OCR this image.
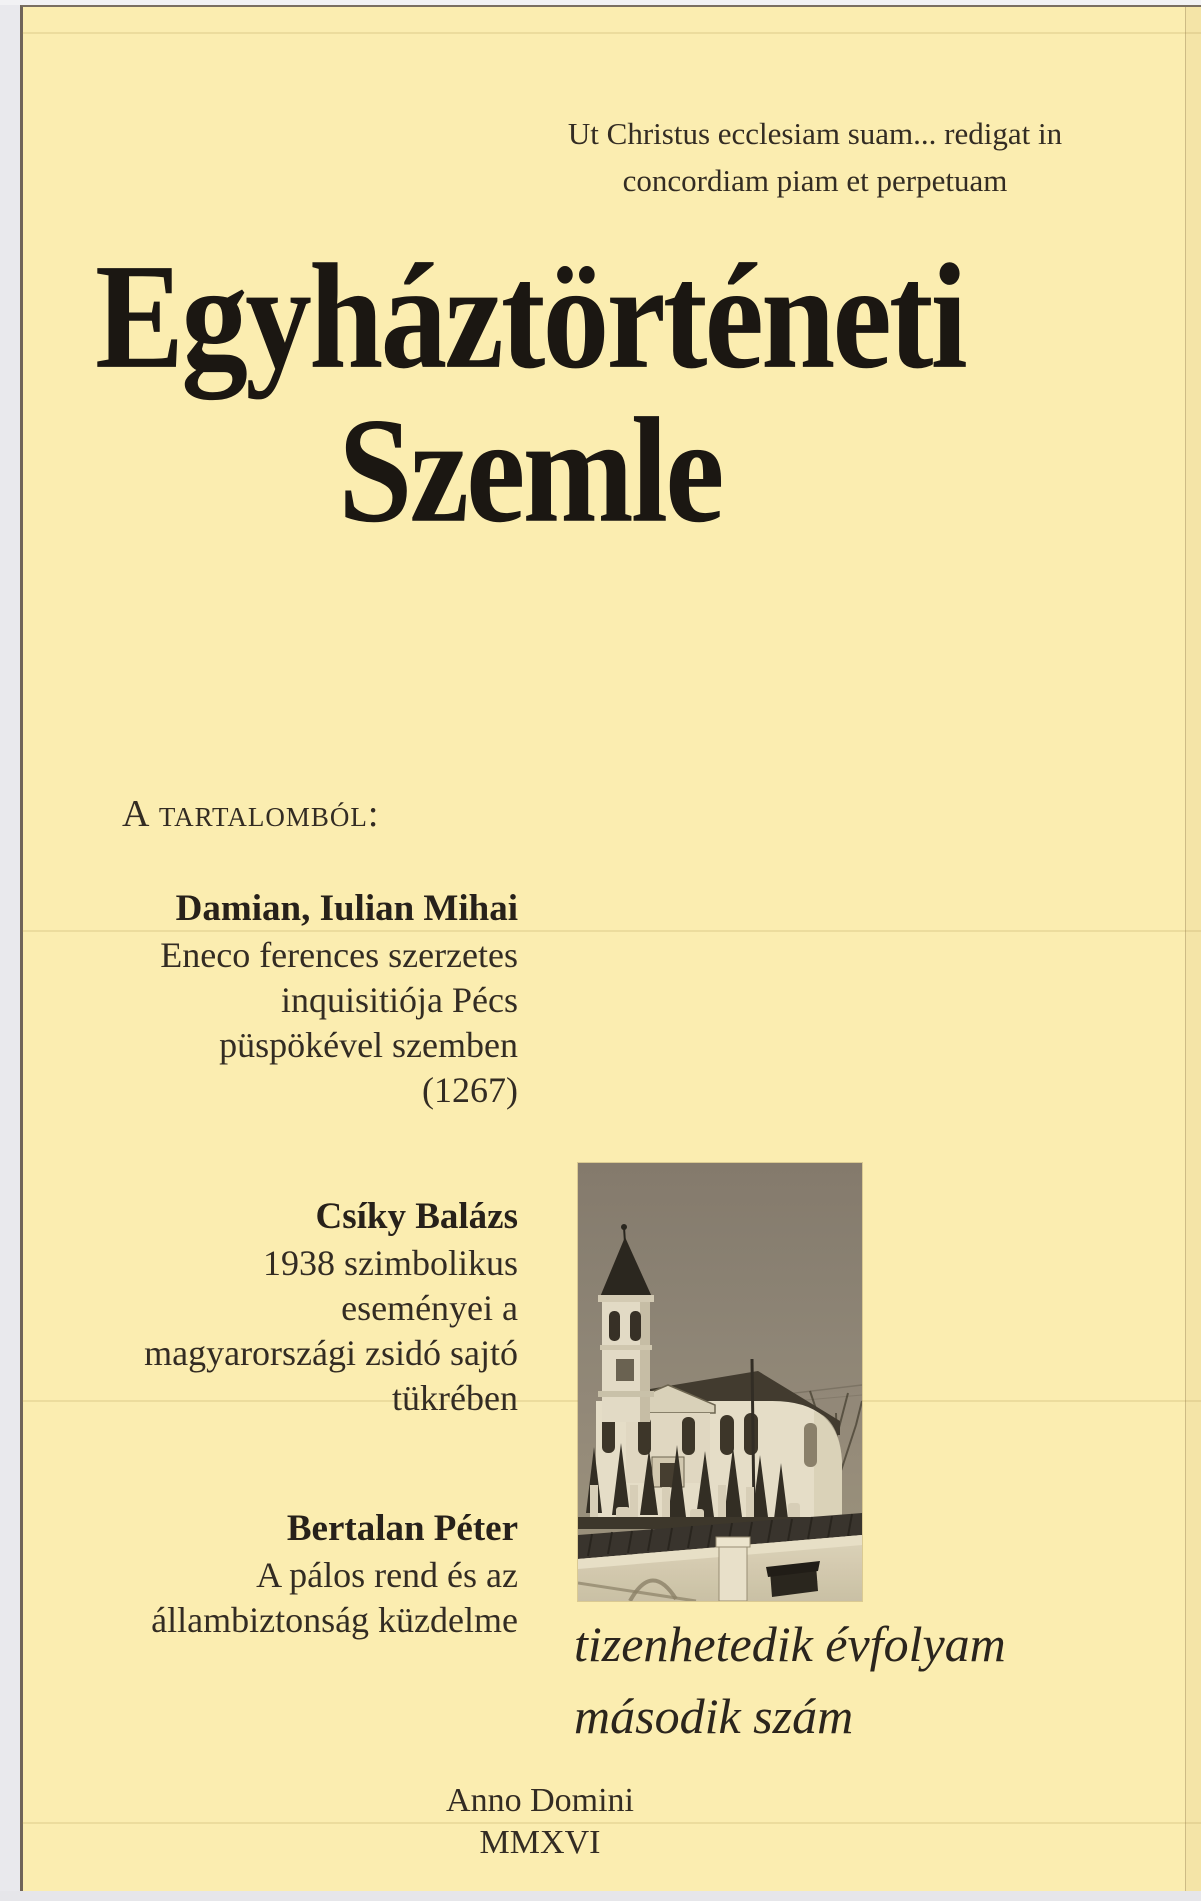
Ut Christus ecclesiam suam... redigat in
concordiam piam et perpetuam
Egyháztörténeti
Szemle
A tartalomból:
Damian, Iulian Mihai
Eneco ferences szerzetes
inquisitiója Pécs
püspökével szemben
(1267)
Csíky Balázs
1938 szimbolikus
eseményei a
magyarországi zsidó sajtó
tükrében
Bertalan Péter
A pálos rend és az
állambiztonság küzdelme tizenhetedik évfolyam
második szám
Anno Domini
MMXVI
